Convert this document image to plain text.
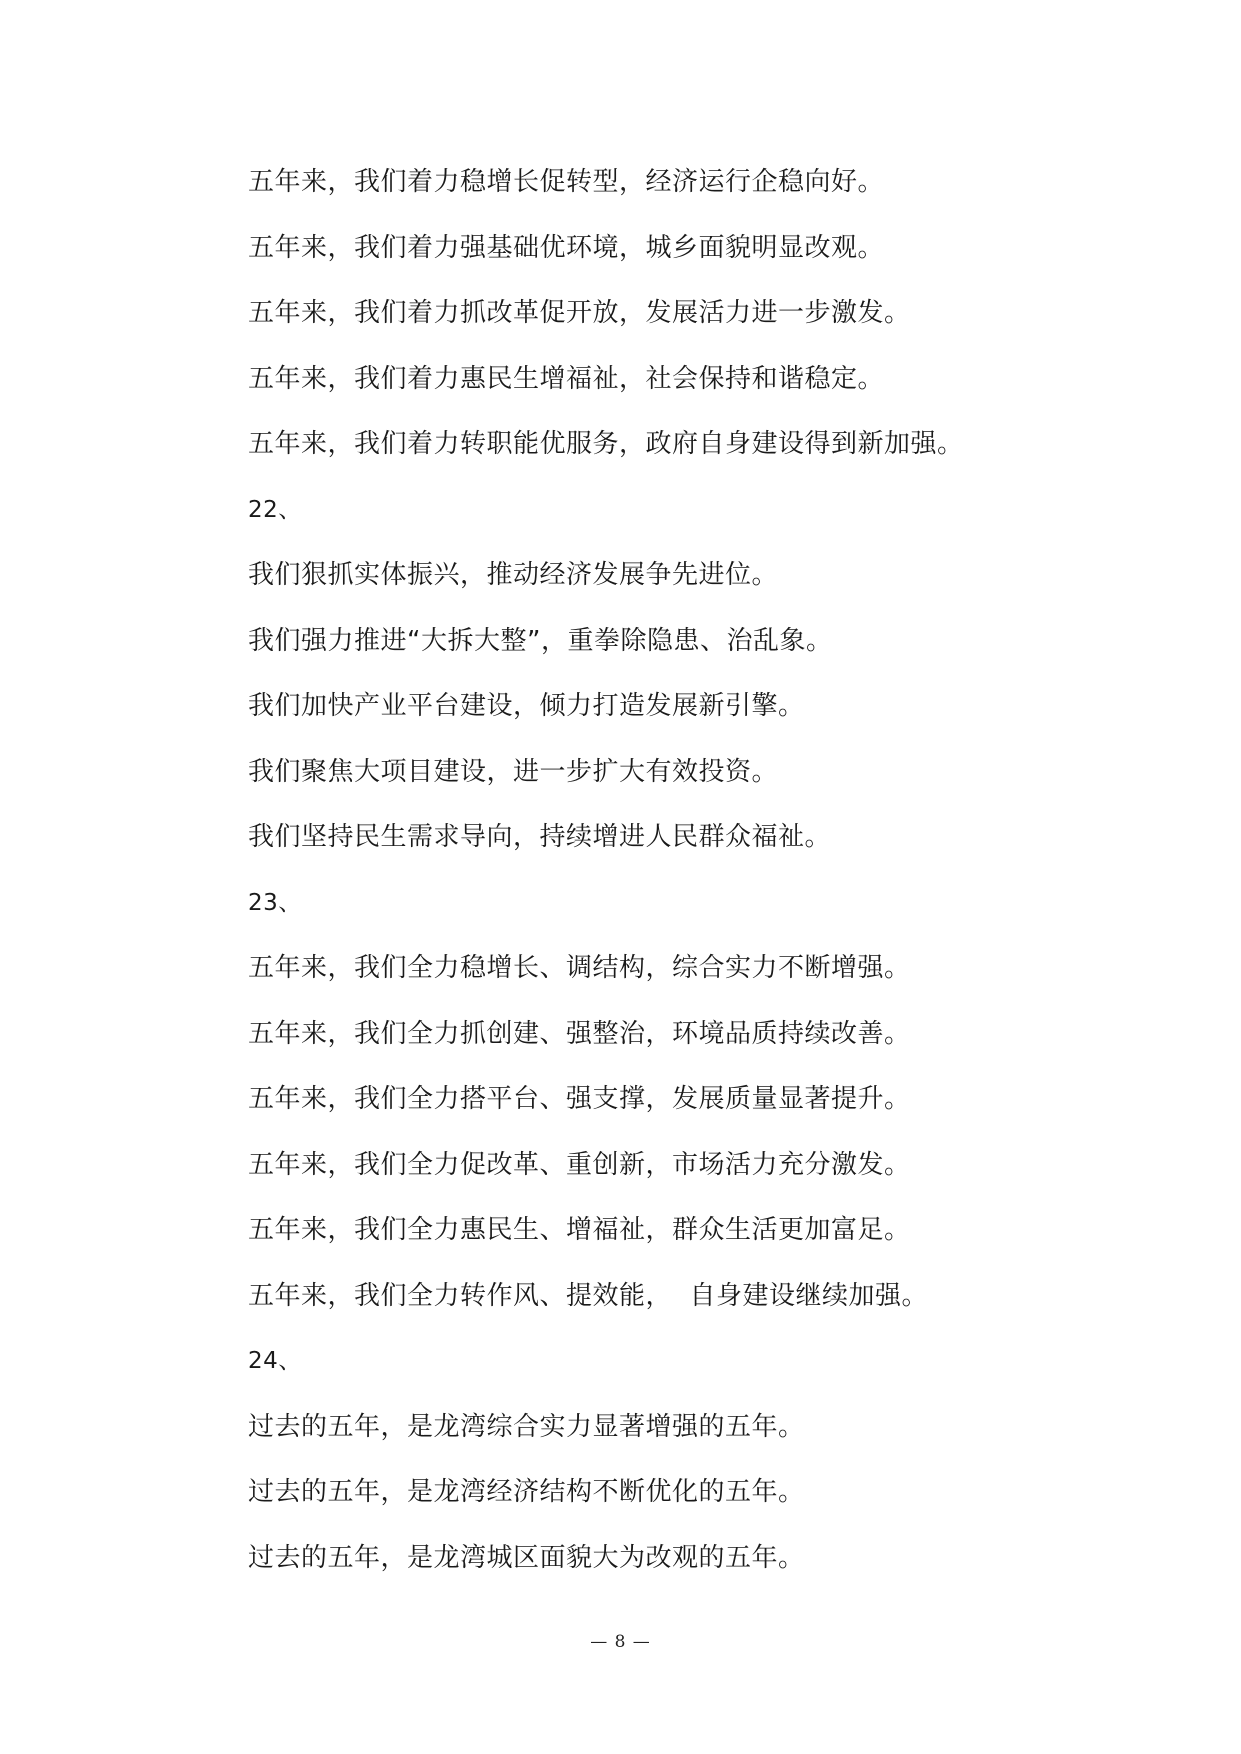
五年来，我们着力稳增长促转型，经济运行企稳向好。
五年来，我们着力强基础优环境，城乡面貌明显改观。
五年来，我们着力抓改革促开放，发展活力进一步激发。
五年来，我们着力惠民生增福祉，社会保持和谐稳定。
五年来，我们着力转职能优服务，政府自身建设得到新加强。
22、
我们狠抓实体振兴，推动经济发展争先进位。
我们强力推进“大拆大整”，重拳除隐患、治乱象。
我们加快产业平台建设，倾力打造发展新引擎。
我们聚焦大项目建设，进一步扩大有效投资。
我们坚持民生需求导向，持续增进人民群众福祉。
23、
五年来，我们全力稳增长、调结构，综合实力不断增强。
五年来，我们全力抓创建、强整治，环境品质持续改善。
五年来，我们全力搭平台、强支撑，发展质量显著提升。
五年来，我们全力促改革、重创新，市场活力充分激发。
五年来，我们全力惠民生、增福祉，群众生活更加富足。
五年来，我们全力转作风、提效能，  自身建设继续加强。
24、
过去的五年，是龙湾综合实力显著增强的五年。
过去的五年，是龙湾经济结构不断优化的五年。
过去的五年，是龙湾城区面貌大为改观的五年。
— 8 —
